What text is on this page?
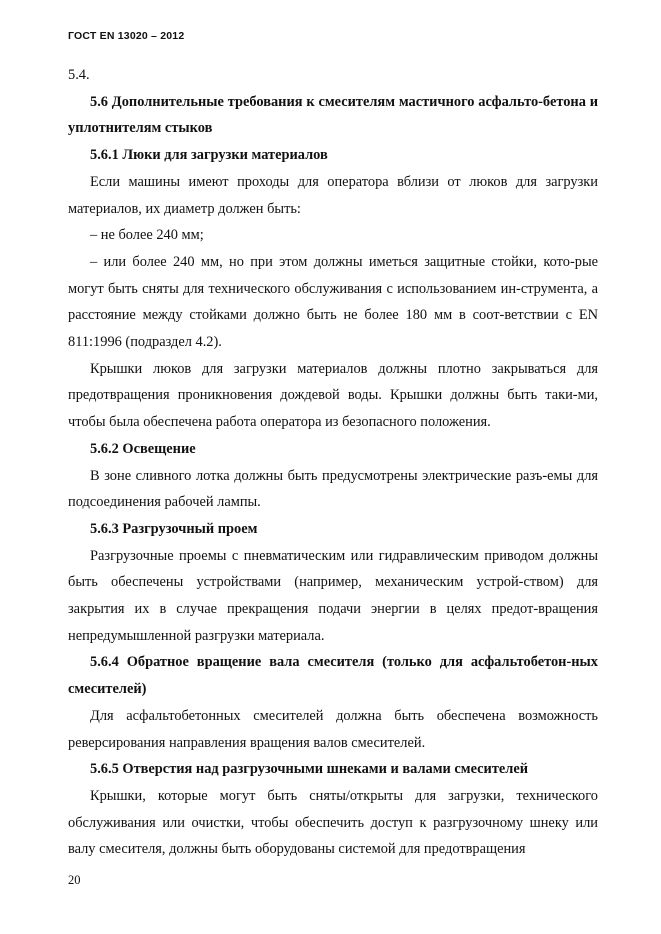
ГОСТ EN 13020 – 2012

5.4.

5.6 Дополнительные требования к смесителям мастичного асфальто-бетона и уплотнителям стыков

5.6.1 Люки для загрузки материалов

Если машины имеют проходы для оператора вблизи от люков для загрузки материалов, их диаметр должен быть:

– не более 240 мм;

– или более 240 мм, но при этом должны иметься защитные стойки, кото-рые могут быть сняты для технического обслуживания с использованием ин-струмента, а расстояние между стойками должно быть не более 180 мм в соот-ветствии с EN 811:1996 (подраздел 4.2).

Крышки люков для загрузки материалов должны плотно закрываться для предотвращения проникновения дождевой воды. Крышки должны быть таки-ми, чтобы была обеспечена работа оператора из безопасного положения.

5.6.2 Освещение

В зоне сливного лотка должны быть предусмотрены электрические разъ-емы для подсоединения рабочей лампы.

5.6.3 Разгрузочный проем

Разгрузочные проемы с пневматическим или гидравлическим приводом должны быть обеспечены устройствами (например, механическим устрой-ством) для закрытия их в случае прекращения подачи энергии в целях предот-вращения непредумышленной разгрузки материала.

5.6.4 Обратное вращение вала смесителя (только для асфальтобетон-ных смесителей)

Для асфальтобетонных смесителей должна быть обеспечена возможность реверсирования направления вращения валов смесителей.

5.6.5 Отверстия над разгрузочными шнеками и валами смесителей

Крышки, которые могут быть сняты/открыты для загрузки, технического обслуживания или очистки, чтобы обеспечить доступ к разгрузочному шнеку или валу смесителя, должны быть оборудованы системой для предотвращения

20
